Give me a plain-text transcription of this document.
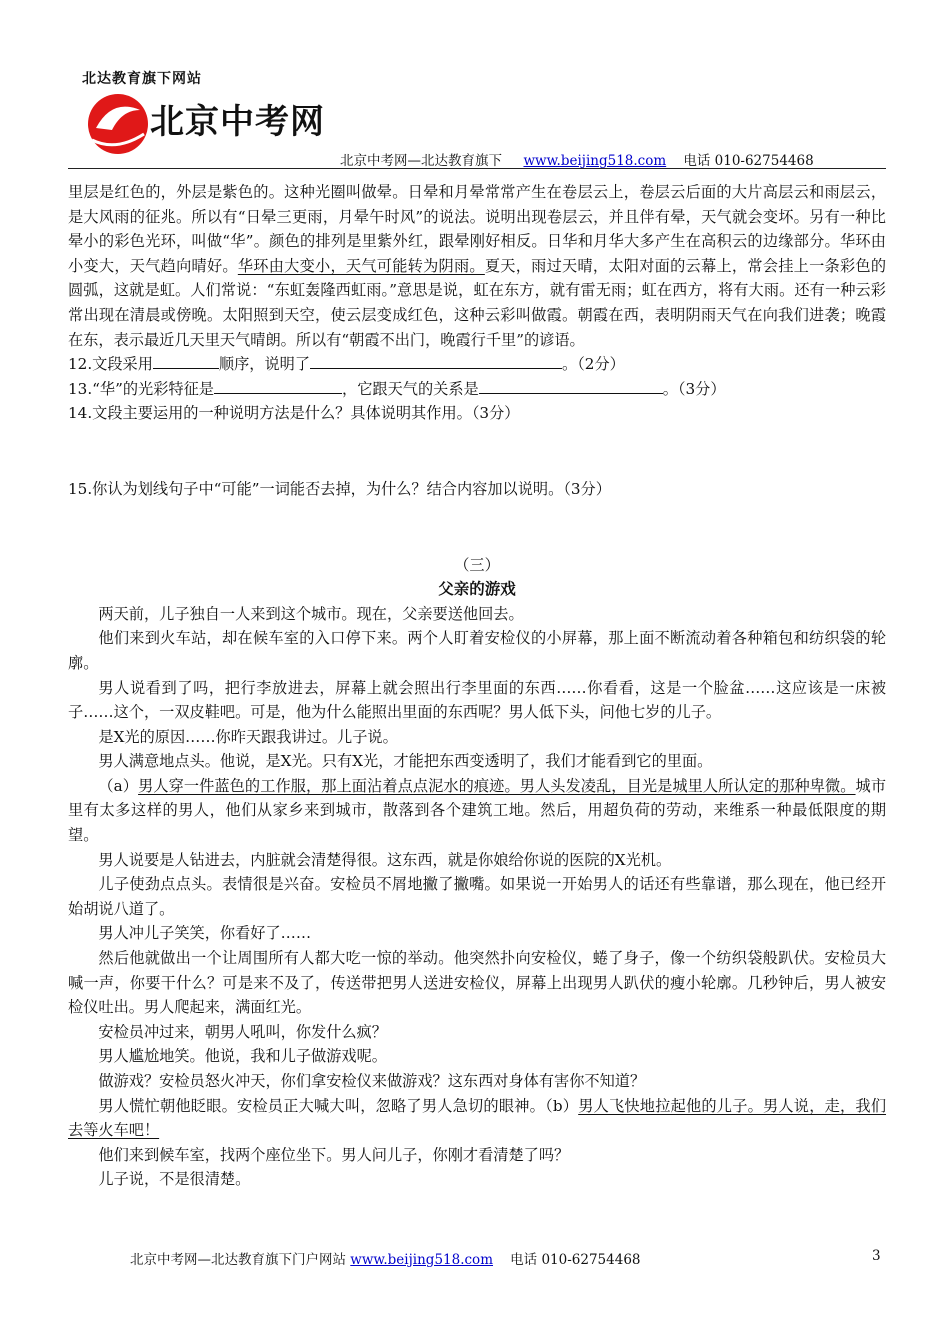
北达教育旗下网站
北京中考网
北京中考网—北达教育旗下 www.beijing518.com 电话 010-62754468

里层是红色的，外层是紫色的。这种光圈叫做晕。日晕和月晕常常产生在卷层云上，卷层云后面的大片高层云和雨层云，是大风雨的征兆。所以有“日晕三更雨，月晕午时风”的说法。说明出现卷层云，并且伴有晕，天气就会变坏。另有一种比晕小的彩色光环，叫做“华”。颜色的排列是里紫外红，跟晕刚好相反。日华和月华大多产生在高积云的边缘部分。华环由小变大，天气趋向晴好。华环由大变小，天气可能转为阴雨。夏天，雨过天晴，太阳对面的云幕上，常会挂上一条彩色的圆弧，这就是虹。人们常说：“东虹轰隆西虹雨。”意思是说，虹在东方，就有雷无雨；虹在西方，将有大雨。还有一种云彩常出现在清晨或傍晚。太阳照到天空，使云层变成红色，这种云彩叫做霞。朝霞在西，表明阴雨天气在向我们进袭；晚霞在东，表示最近几天里天气晴朗。所以有“朝霞不出门，晚霞行千里”的谚语。

12.文段采用	顺序，说明了	。（2分）

13.“华”的光彩特征是	，它跟天气的关系是	。（3分）

14.文段主要运用的一种说明方法是什么？具体说明其作用。（3分）

15.你认为划线句子中“可能”一词能否去掉，为什么？结合内容加以说明。（3分）

（三）

父亲的游戏

两天前，儿子独自一人来到这个城市。现在，父亲要送他回去。

他们来到火车站，却在候车室的入口停下来。两个人盯着安检仪的小屏幕，那上面不断流动着各种箱包和纺织袋的轮廓。

男人说看到了吗，把行李放进去，屏幕上就会照出行李里面的东西……你看看，这是一个脸盆……这应该是一床被子……这个，一双皮鞋吧。可是，他为什么能照出里面的东西呢？男人低下头，问他七岁的儿子。

是X光的原因……你昨天跟我讲过。儿子说。

男人满意地点头。他说，是X光。只有X光，才能把东西变透明了，我们才能看到它的里面。

（a）男人穿一件蓝色的工作服，那上面沾着点点泥水的痕迹。男人头发凌乱，目光是城里人所认定的那种卑微。城市里有太多这样的男人，他们从家乡来到城市，散落到各个建筑工地。然后，用超负荷的劳动，来维系一种最低限度的期望。

男人说要是人钻进去，内脏就会清楚得很。这东西，就是你娘给你说的医院的X光机。

儿子使劲点点头。表情很是兴奋。安检员不屑地撇了撇嘴。如果说一开始男人的话还有些靠谱，那么现在，他已经开始胡说八道了。

男人冲儿子笑笑，你看好了……

然后他就做出一个让周围所有人都大吃一惊的举动。他突然扑向安检仪，蜷了身子，像一个纺织袋般趴伏。安检员大喊一声，你要干什么？可是来不及了，传送带把男人送进安检仪，屏幕上出现男人趴伏的瘦小轮廓。几秒钟后，男人被安检仪吐出。男人爬起来，满面红光。

安检员冲过来，朝男人吼叫，你发什么疯？

男人尴尬地笑。他说，我和儿子做游戏呢。

做游戏？安检员怒火冲天，你们拿安检仪来做游戏？这东西对身体有害你不知道？

男人慌忙朝他眨眼。安检员正大喊大叫，忽略了男人急切的眼神。（b）男人飞快地拉起他的儿子。男人说，走，我们去等火车吧！

他们来到候车室，找两个座位坐下。男人问儿子，你刚才看清楚了吗？

儿子说，不是很清楚。

北京中考网—北达教育旗下门户网站 www.beijing518.com 电话 010-62754468	3
